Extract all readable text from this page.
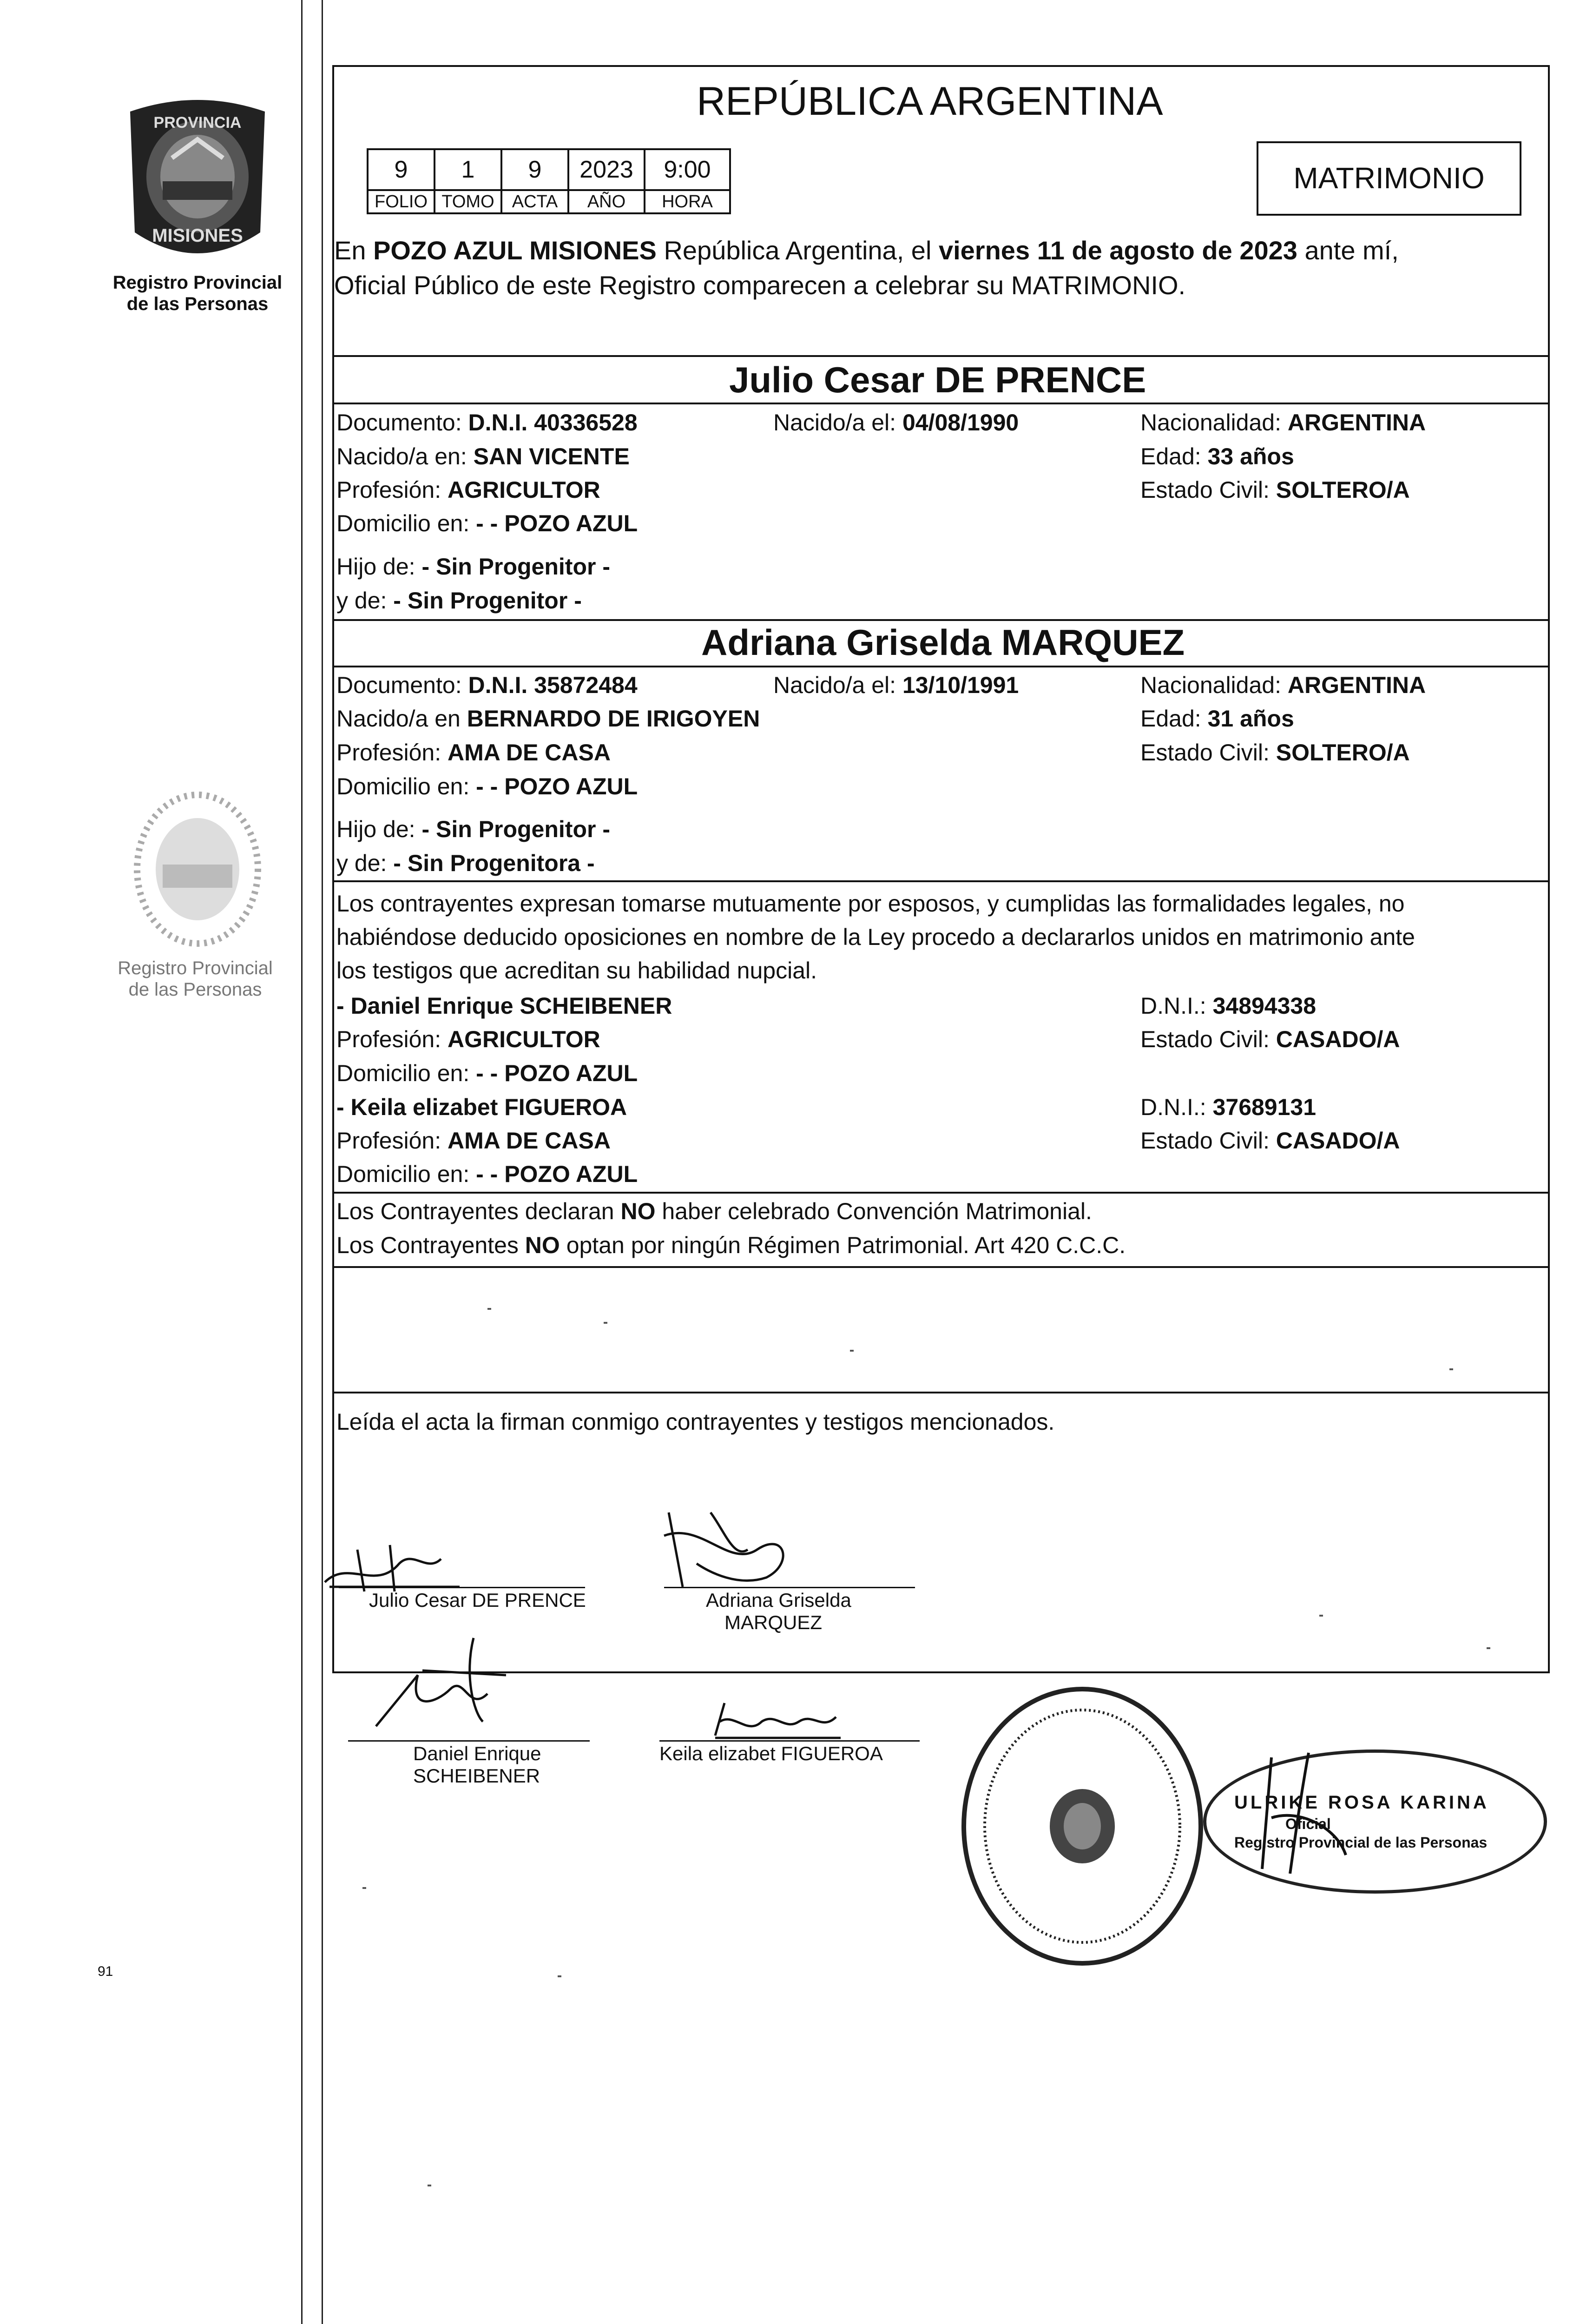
PROVINCIA
MISIONES
Registro Provincial
de las Personas
Registro Provincial
de las Personas
91
REPÚBLICA ARGENTINA
9	1	9	2023	9:00
FOLIO	TOMO	ACTA	AÑO	HORA
MATRIMONIO
En POZO AZUL MISIONES República Argentina, el viernes 11 de agosto de 2023 ante mí,
Oficial Público de este Registro comparecen a celebrar su MATRIMONIO.
Julio Cesar DE PRENCE
Documento: D.N.I. 40336528	Nacido/a el: 04/08/1990	Nacionalidad: ARGENTINA
Nacido/a en: SAN VICENTE	Edad: 33 años
Profesión: AGRICULTOR	Estado Civil: SOLTERO/A
Domicilio en: - - POZO AZUL
Hijo de: - Sin Progenitor -
y de: - Sin Progenitor -
Adriana Griselda MARQUEZ
Documento: D.N.I. 35872484	Nacido/a el: 13/10/1991	Nacionalidad: ARGENTINA
Nacido/a en BERNARDO DE IRIGOYEN	Edad: 31 años
Profesión: AMA DE CASA	Estado Civil: SOLTERO/A
Domicilio en: - - POZO AZUL
Hijo de: - Sin Progenitor -
y de: - Sin Progenitora -
Los contrayentes expresan tomarse mutuamente por esposos, y cumplidas las formalidades legales, no
habiéndose deducido oposiciones en nombre de la Ley procedo a declararlos unidos en matrimonio ante
los testigos que acreditan su habilidad nupcial.
- Daniel Enrique SCHEIBENER	D.N.I.: 34894338
Profesión: AGRICULTOR	Estado Civil: CASADO/A
Domicilio en: - - POZO AZUL
- Keila elizabet FIGUEROA	D.N.I.: 37689131
Profesión: AMA DE CASA	Estado Civil: CASADO/A
Domicilio en: - - POZO AZUL
Los Contrayentes declaran NO haber celebrado Convención Matrimonial.
Los Contrayentes NO optan por ningún Régimen Patrimonial. Art 420 C.C.C.
Leída el acta la firman conmigo contrayentes y testigos mencionados.
Julio Cesar DE PRENCE	Adriana Griselda
MARQUEZ
Daniel Enrique
SCHEIBENER
Keila elizabet FIGUEROA
ULRIKE ROSA KARINA
Oficial
Registro Provincial de las Personas
